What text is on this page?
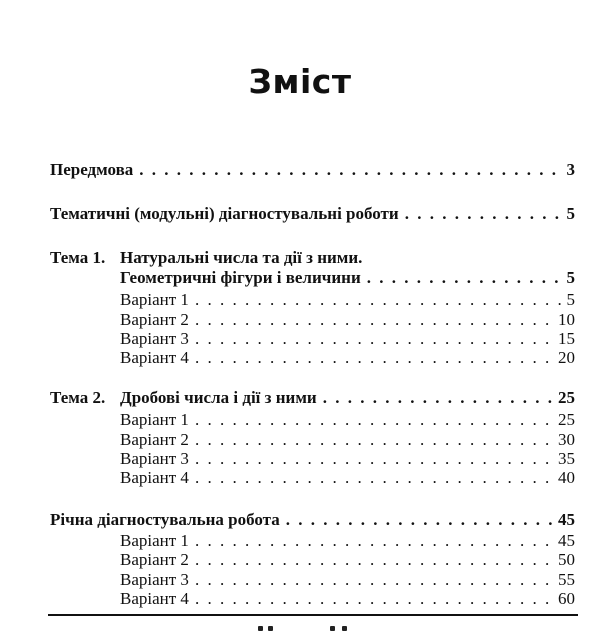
Зміст
Передмова . . .	3
Тематичні (модульні) діагностувальні роботи . . .	5
Тема 1. Натуральні числа та дії з ними.
Геометричні фігури і величини . . .	5
Варіант 1 . . .	5
Варіант 2 . . .	10
Варіант 3 . . .	15
Варіант 4 . . .	20
Тема 2. Дробові числа і дії з ними . . .	25
Варіант 1 . . .	25
Варіант 2 . . .	30
Варіант 3 . . .	35
Варіант 4 . . .	40
Річна діагностувальна робота . . .	45
Варіант 1 . . .	45
Варіант 2 . . .	50
Варіант 3 . . .	55
Варіант 4 . . .	60
